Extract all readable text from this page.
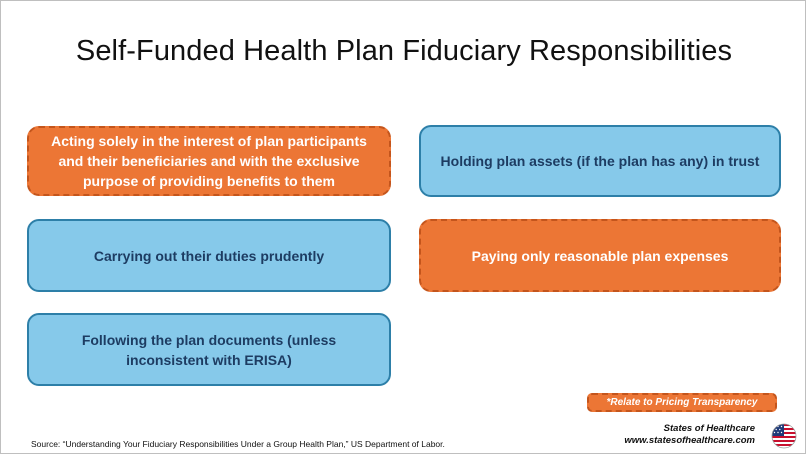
Self-Funded Health Plan Fiduciary Responsibilities
Acting solely in the interest of plan participants and their beneficiaries and with the exclusive purpose of providing benefits to them
Holding plan assets (if the plan has any) in trust
Carrying out their duties prudently	Paying only reasonable plan expenses
Following the plan documents (unless inconsistent with ERISA)
*Relate to Pricing Transparency
Source: “Understanding Your Fiduciary Responsibilities Under a Group Health Plan,” US Department of Labor.
States of Healthcare
www.statesofhealthcare.com
